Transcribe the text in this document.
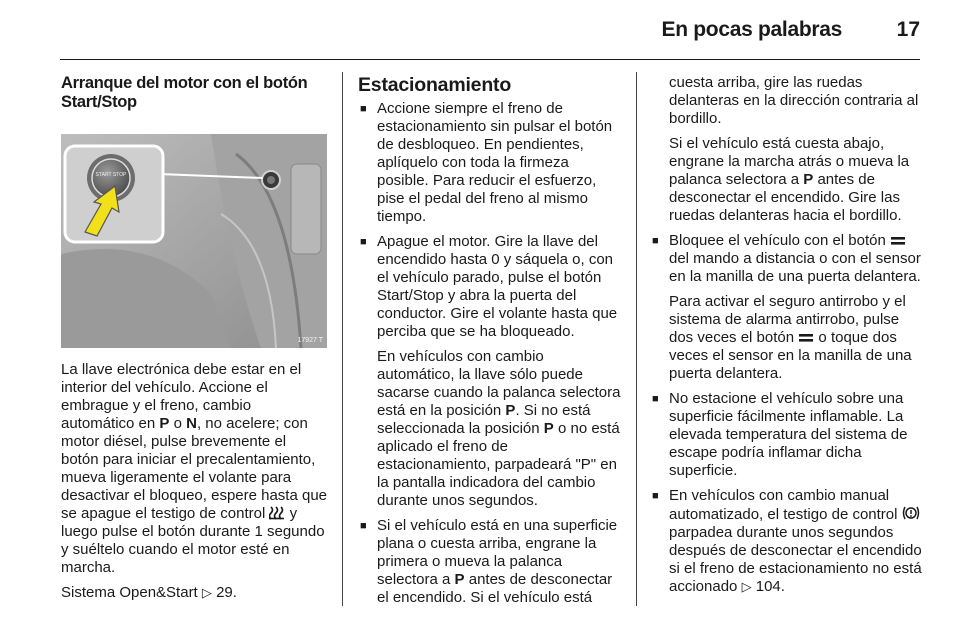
En pocas palabras	17
Arranque del motor con el botón Start/Stop
START STOP
17927 T

La llave electrónica debe estar en el interior del vehículo. Accione el embrague y el freno, cambio automático en P o N, no acelere; con motor diésel, pulse brevemente el botón para iniciar el precalentamiento, mueva ligeramente el volante para desactivar el bloqueo, espere hasta que se apague el testigo de control  y luego pulse el botón durante 1 segundo y suéltelo cuando el motor esté en marcha.

Sistema Open&Start ▷ 29.

Estacionamiento
■ Accione siempre el freno de estacionamiento sin pulsar el botón de desbloqueo. En pendientes, aplíquelo con toda la firmeza posible. Para reducir el esfuerzo, pise el pedal del freno al mismo tiempo.
■ Apague el motor. Gire la llave del encendido hasta 0 y sáquela o, con el vehículo parado, pulse el botón Start/Stop y abra la puerta del conductor. Gire el volante hasta que perciba que se ha bloqueado.
En vehículos con cambio automático, la llave sólo puede sacarse cuando la palanca selectora está en la posición P. Si no está seleccionada la posición P o no está aplicado el freno de estacionamiento, parpadeará "P" en la pantalla indicadora del cambio durante unos segundos.
■ Si el vehículo está en una superficie plana o cuesta arriba, engrane la primera o mueva la palanca selectora a P antes de desconectar el encendido. Si el vehículo está
cuesta arriba, gire las ruedas delanteras en la dirección contraria al bordillo.
Si el vehículo está cuesta abajo, engrane la marcha atrás o mueva la palanca selectora a P antes de desconectar el encendido. Gire las ruedas delanteras hacia el bordillo.
■ Bloquee el vehículo con el botón  del mando a distancia o con el sensor en la manilla de una puerta delantera.
Para activar el seguro antirrobo y el sistema de alarma antirrobo, pulse dos veces el botón  o toque dos veces el sensor en la manilla de una puerta delantera.
■ No estacione el vehículo sobre una superficie fácilmente inflamable. La elevada temperatura del sistema de escape podría inflamar dicha superficie.
■ En vehículos con cambio manual automatizado, el testigo de control  parpadea durante unos segundos después de desconectar el encendido si el freno de estacionamiento no está accionado ▷ 104.
